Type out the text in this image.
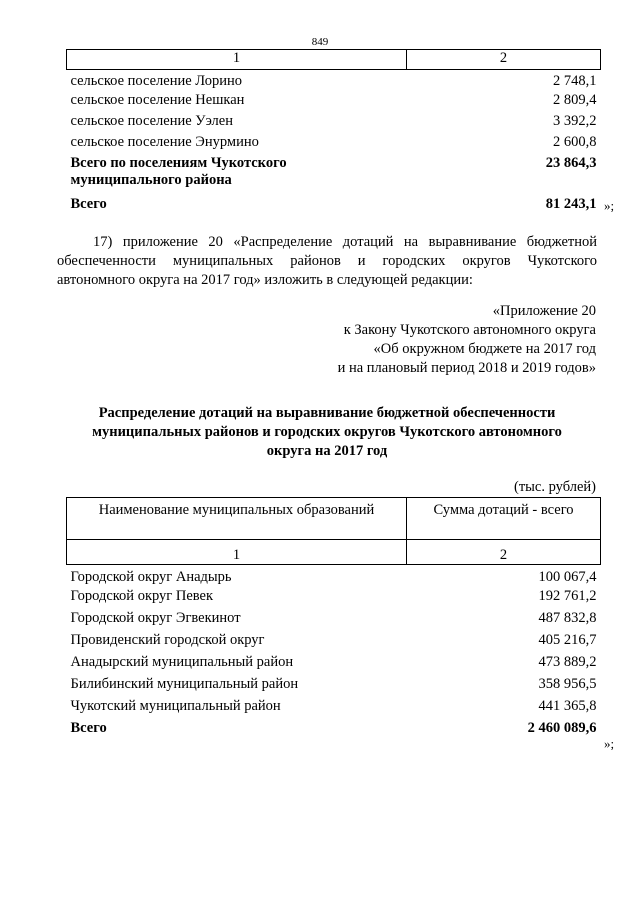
849
1	2
сельское поселение Лорино	2 748,1
сельское поселение Нешкан	2 809,4
сельское поселение Уэлен	3 392,2
сельское поселение Энурмино	2 600,8

Всего по поселениям Чукотского
муниципального района	23 864,3
Всего	81 243,1 »;
17) приложение 20 «Распределение дотаций на выравнивание бюджетной обеспеченности муниципальных районов и городских округов Чукотского автономного округа на 2017 год» изложить в следующей редакции:
«Приложение 20
к Закону Чукотского автономного округа
«Об окружном бюджете на 2017 год
и на плановый период 2018 и 2019 годов»
Распределение дотаций на выравнивание бюджетной обеспеченности
муниципальных районов и городских округов Чукотского автономного
округа на 2017 год
(тыс. рублей)
Наименование муниципальных образований	Сумма дотаций - всего
1	2
Городской округ Анадырь	100 067,4
Городской округ Певек	192 761,2
Городской округ Эгвекинот	487 832,8
Провиденский городской округ	405 216,7
Анадырский муниципальный район	473 889,2
Билибинский муниципальный район	358 956,5
Чукотский муниципальный район	441 365,8
Всего	2 460 089,6
»;
